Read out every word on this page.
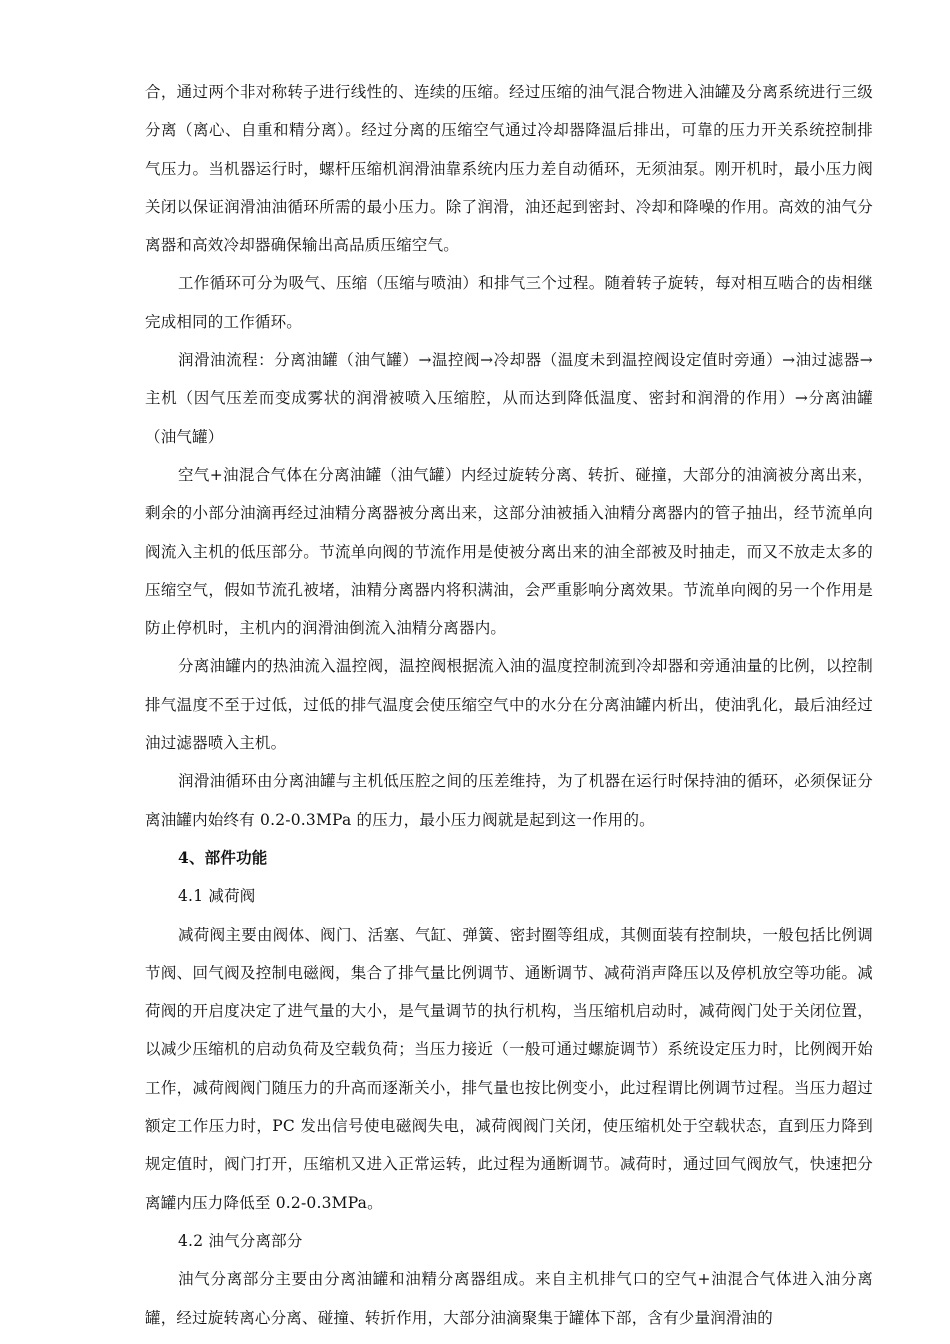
合，通过两个非对称转子进行线性的、连续的压缩。经过压缩的油气混合物进入油罐及分离系统进行三级分离（离心、自重和精分离）。经过分离的压缩空气通过冷却器降温后排出，可靠的压力开关系统控制排气压力。当机器运行时，螺杆压缩机润滑油靠系统内压力差自动循环，无须油泵。刚开机时，最小压力阀关闭以保证润滑油油循环所需的最小压力。除了润滑，油还起到密封、冷却和降噪的作用。高效的油气分离器和高效冷却器确保输出高品质压缩空气。

工作循环可分为吸气、压缩（压缩与喷油）和排气三个过程。随着转子旋转，每对相互啮合的齿相继完成相同的工作循环。

润滑油流程：分离油罐（油气罐）→温控阀→冷却器（温度未到温控阀设定值时旁通）→油过滤器→主机（因气压差而变成雾状的润滑被喷入压缩腔，从而达到降低温度、密封和润滑的作用）→分离油罐（油气罐）

空气+油混合气体在分离油罐（油气罐）内经过旋转分离、转折、碰撞，大部分的油滴被分离出来，剩余的小部分油滴再经过油精分离器被分离出来，这部分油被插入油精分离器内的管子抽出，经节流单向阀流入主机的低压部分。节流单向阀的节流作用是使被分离出来的油全部被及时抽走，而又不放走太多的压缩空气，假如节流孔被堵，油精分离器内将积满油，会严重影响分离效果。节流单向阀的另一个作用是防止停机时，主机内的润滑油倒流入油精分离器内。

分离油罐内的热油流入温控阀，温控阀根据流入油的温度控制流到冷却器和旁通油量的比例，以控制排气温度不至于过低，过低的排气温度会使压缩空气中的水分在分离油罐内析出，使油乳化，最后油经过油过滤器喷入主机。

润滑油循环由分离油罐与主机低压腔之间的压差维持，为了机器在运行时保持油的循环，必须保证分离油罐内始终有 0.2-0.3MPa 的压力，最小压力阀就是起到这一作用的。

4、部件功能

4.1 减荷阀

减荷阀主要由阀体、阀门、活塞、气缸、弹簧、密封圈等组成，其侧面装有控制块，一般包括比例调节阀、回气阀及控制电磁阀，集合了排气量比例调节、通断调节、减荷消声降压以及停机放空等功能。减荷阀的开启度决定了进气量的大小，是气量调节的执行机构，当压缩机启动时，减荷阀门处于关闭位置，以减少压缩机的启动负荷及空载负荷；当压力接近（一般可通过螺旋调节）系统设定压力时，比例阀开始工作，减荷阀阀门随压力的升高而逐渐关小，排气量也按比例变小，此过程谓比例调节过程。当压力超过额定工作压力时，PC 发出信号使电磁阀失电，减荷阀阀门关闭，使压缩机处于空载状态，直到压力降到规定值时，阀门打开，压缩机又进入正常运转，此过程为通断调节。减荷时，通过回气阀放气，快速把分离罐内压力降低至 0.2-0.3MPa。

4.2 油气分离部分

油气分离部分主要由分离油罐和油精分离器组成。来自主机排气口的空气+油混合气体进入油分离罐，经过旋转离心分离、碰撞、转折作用，大部分油滴聚集于罐体下部，含有少量润滑油的
